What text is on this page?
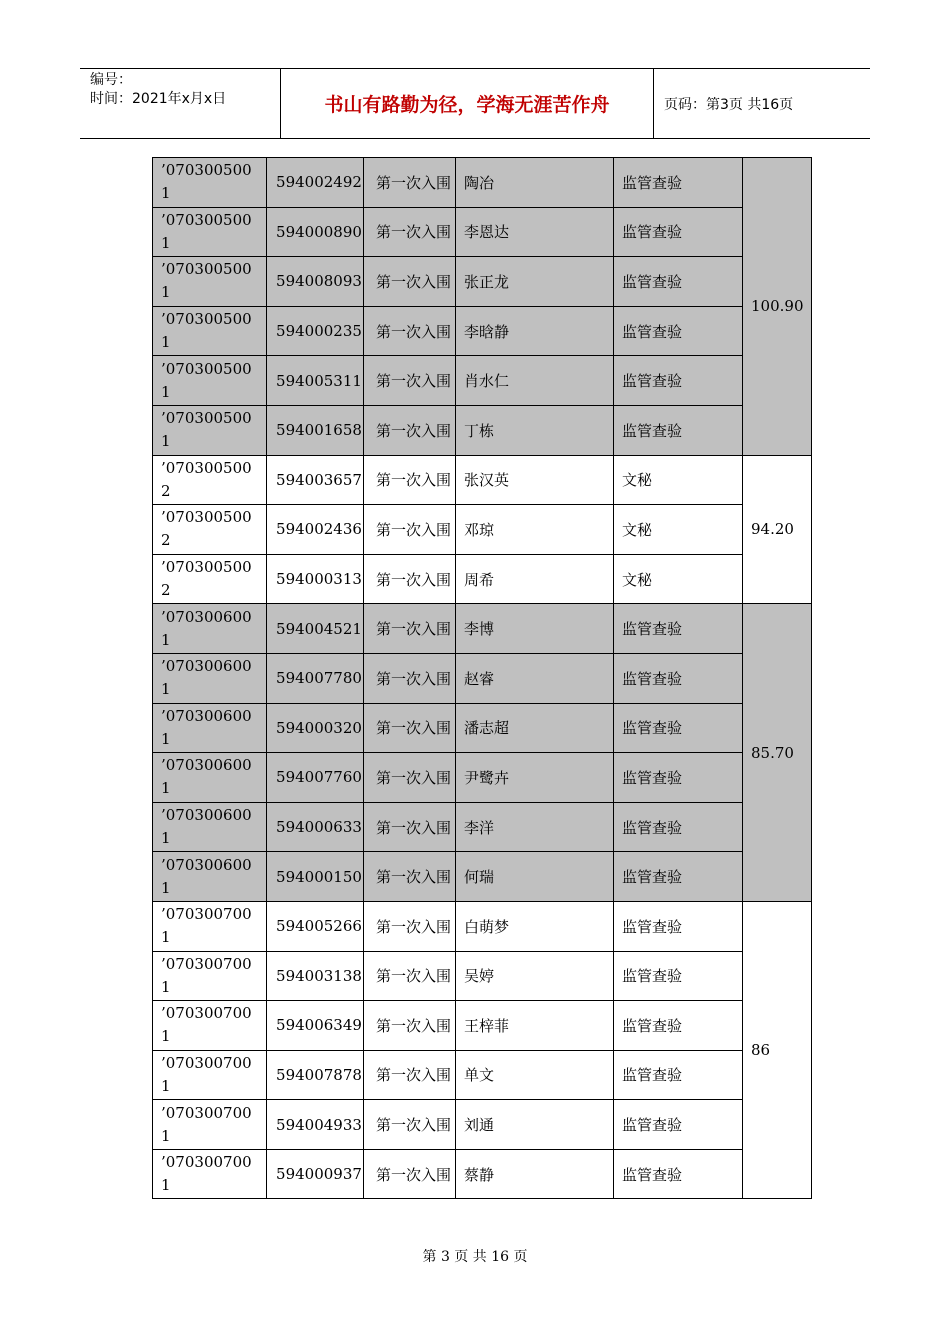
编号：
时间：2021年x月x日	书山有路勤为径，学海无涯苦作舟	页码：第3页 共16页
’070300500
1	594002492	第一次入围	陶冶	监管查验	100.90

’070300500
1	594000890	第一次入围	李恩达	监管查验	

’070300500
1	594008093	第一次入围	张正龙	监管查验	

’070300500
1	594000235	第一次入围	李晗静	监管查验	

’070300500
1	594005311	第一次入围	肖水仁	监管查验	

’070300500
1	594001658	第一次入围	丁栋	监管查验	

’070300500
2	594003657	第一次入围	张汉英	文秘	94.20

’070300500
2	594002436	第一次入围	邓琼	文秘	

’070300500
2	594000313	第一次入围	周希	文秘	

’070300600
1	594004521	第一次入围	李博	监管查验	85.70

’070300600
1	594007780	第一次入围	赵睿	监管查验	

’070300600
1	594000320	第一次入围	潘志超	监管查验	

’070300600
1	594007760	第一次入围	尹鹭卉	监管查验	

’070300600
1	594000633	第一次入围	李洋	监管查验	

’070300600
1	594000150	第一次入围	何瑞	监管查验	

’070300700
1	594005266	第一次入围	白萌梦	监管查验	86

’070300700
1	594003138	第一次入围	吴婷	监管查验	

’070300700
1	594006349	第一次入围	王梓菲	监管查验	

’070300700
1	594007878	第一次入围	单文	监管查验	

’070300700
1	594004933	第一次入围	刘通	监管查验	

’070300700
1	594000937	第一次入围	蔡静	监管查验	
第 3 页 共 16 页
